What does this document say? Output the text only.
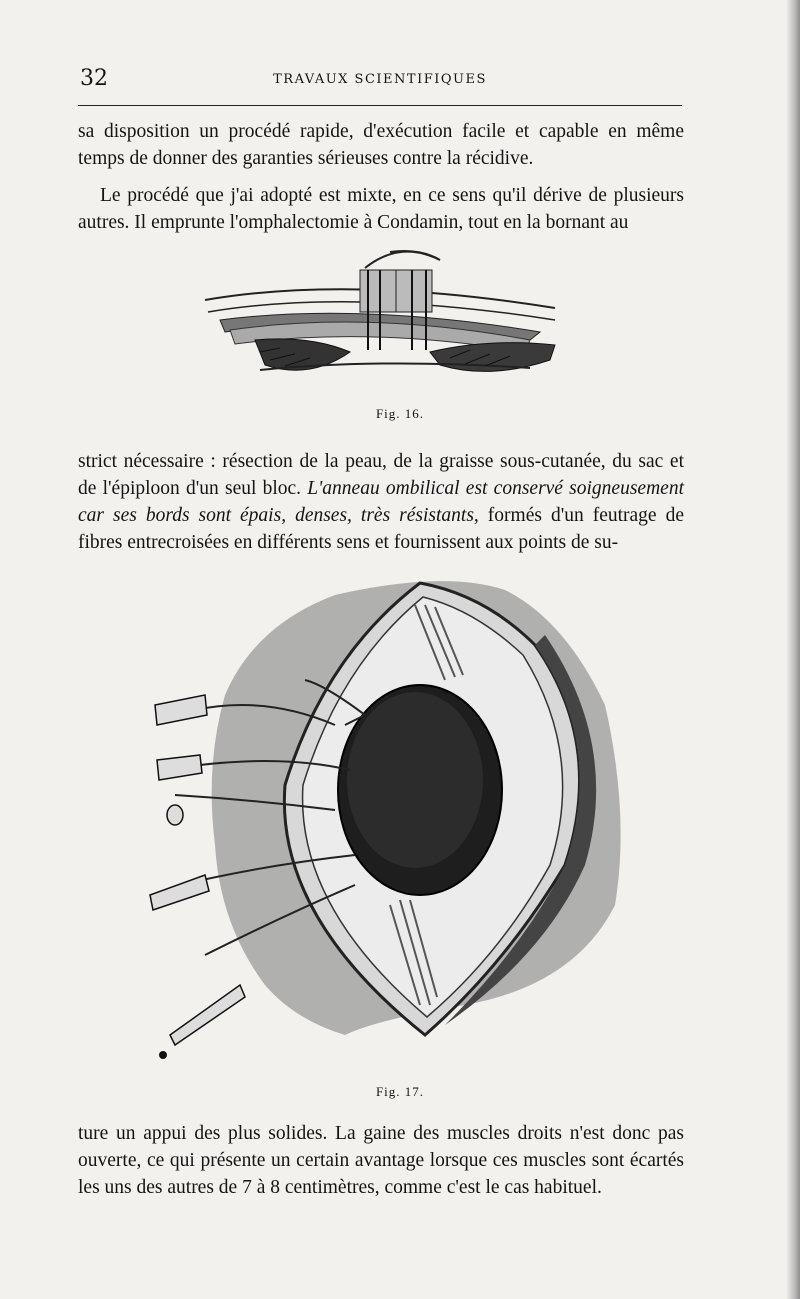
32	TRAVAUX SCIENTIFIQUES
sa disposition un procédé rapide, d'exécution facile et capable en même temps de donner des garanties sérieuses contre la récidive.
Le procédé que j'ai adopté est mixte, en ce sens qu'il dérive de plusieurs autres. Il emprunte l'omphalectomie à Condamin, tout en la bornant au
Fig. 16.
strict nécessaire : résection de la peau, de la graisse sous-cutanée, du sac et de l'épiploon d'un seul bloc. L'anneau ombilical est conservé soigneusement car ses bords sont épais, denses, très résistants, formés d'un feutrage de fibres entrecroisées en différents sens et fournissent aux points de su-
Fig. 17.
ture un appui des plus solides. La gaine des muscles droits n'est donc pas ouverte, ce qui présente un certain avantage lorsque ces muscles sont écartés les uns des autres de 7 à 8 centimètres, comme c'est le cas habituel.
